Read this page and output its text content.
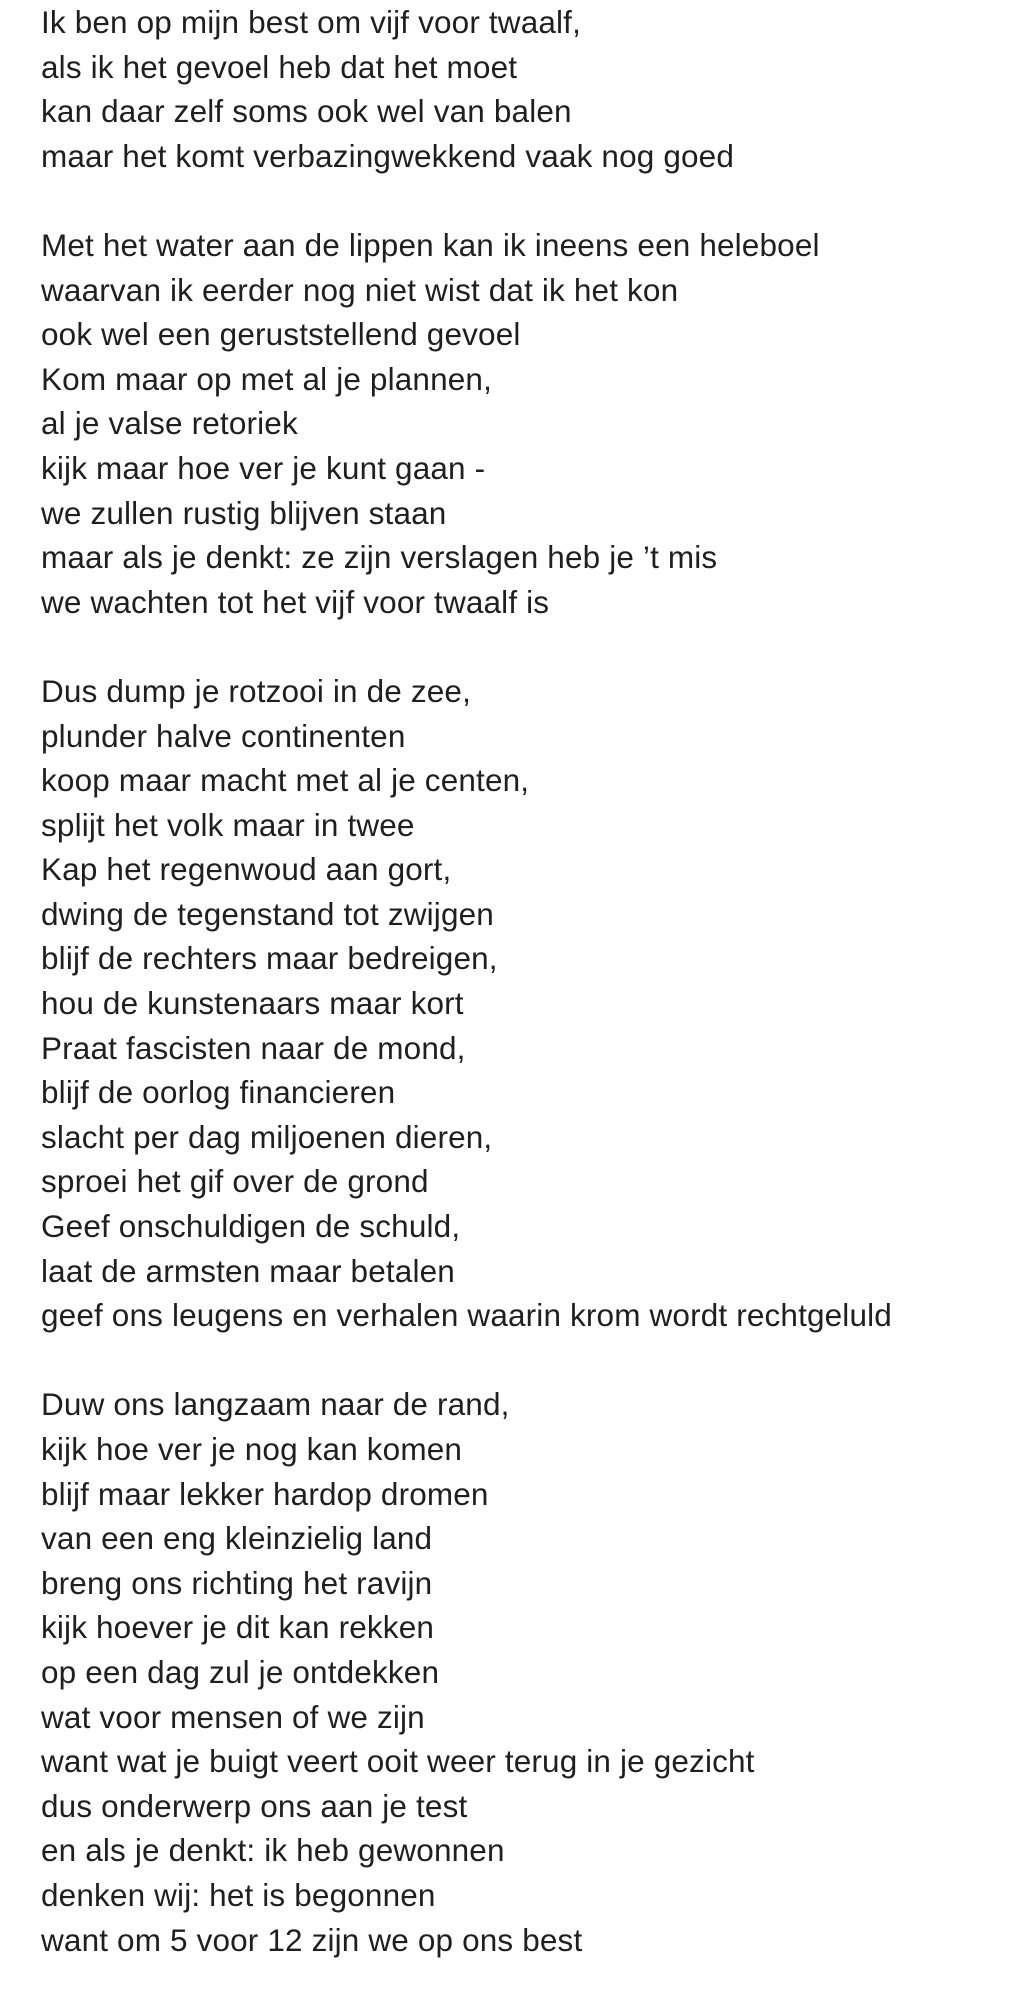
Ik ben op mijn best om vijf voor twaalf,
als ik het gevoel heb dat het moet
kan daar zelf soms ook wel van balen
maar het komt verbazingwekkend vaak nog goed
Met het water aan de lippen kan ik ineens een heleboel
waarvan ik eerder nog niet wist dat ik het kon
ook wel een geruststellend gevoel
Kom maar op met al je plannen,
al je valse retoriek
kijk maar hoe ver je kunt gaan -
we zullen rustig blijven staan
maar als je denkt: ze zijn verslagen heb je ’t mis
we wachten tot het vijf voor twaalf is
Dus dump je rotzooi in de zee,
plunder halve continenten
koop maar macht met al je centen,
splijt het volk maar in twee
Kap het regenwoud aan gort,
dwing de tegenstand tot zwijgen
blijf de rechters maar bedreigen,
hou de kunstenaars maar kort
Praat fascisten naar de mond,
blijf de oorlog financieren
slacht per dag miljoenen dieren,
sproei het gif over de grond
Geef onschuldigen de schuld,
laat de armsten maar betalen
geef ons leugens en verhalen waarin krom wordt rechtgeluld
Duw ons langzaam naar de rand,
kijk hoe ver je nog kan komen
blijf maar lekker hardop dromen
van een eng kleinzielig land
breng ons richting het ravijn
kijk hoever je dit kan rekken
op een dag zul je ontdekken
wat voor mensen of we zijn
want wat je buigt veert ooit weer terug in je gezicht
dus onderwerp ons aan je test
en als je denkt: ik heb gewonnen
denken wij: het is begonnen
want om 5 voor 12 zijn we op ons best
